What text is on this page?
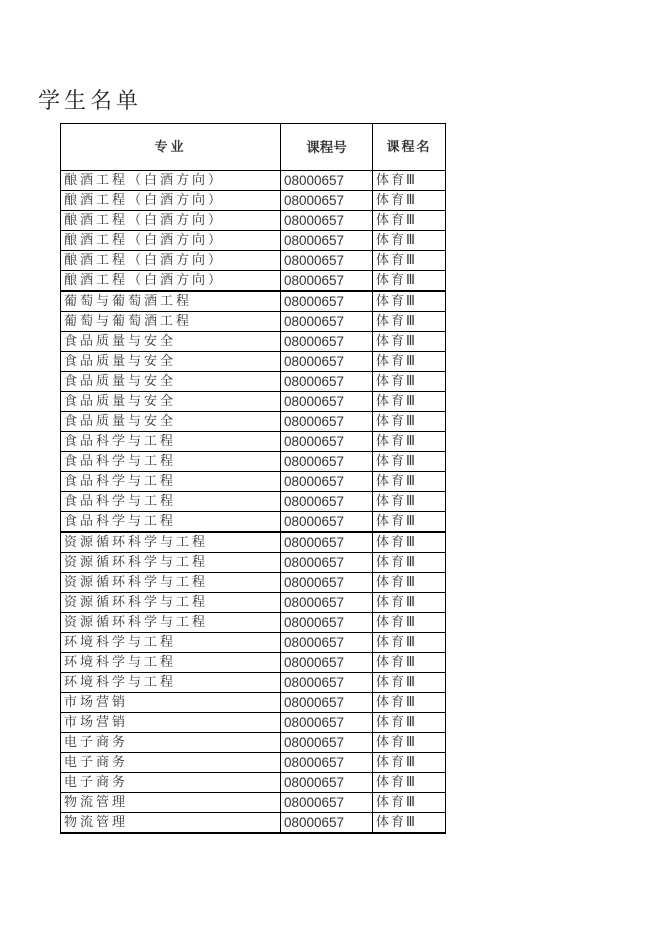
学生名单
专业	课程号	课程名
酿酒工程（白酒方向）	08000657	体育Ⅲ
酿酒工程（白酒方向）	08000657	体育Ⅲ
酿酒工程（白酒方向）	08000657	体育Ⅲ
酿酒工程（白酒方向）	08000657	体育Ⅲ
酿酒工程（白酒方向）	08000657	体育Ⅲ
酿酒工程（白酒方向）	08000657	体育Ⅲ
葡萄与葡萄酒工程	08000657	体育Ⅲ
葡萄与葡萄酒工程	08000657	体育Ⅲ
食品质量与安全	08000657	体育Ⅲ
食品质量与安全	08000657	体育Ⅲ
食品质量与安全	08000657	体育Ⅲ
食品质量与安全	08000657	体育Ⅲ
食品质量与安全	08000657	体育Ⅲ
食品科学与工程	08000657	体育Ⅲ
食品科学与工程	08000657	体育Ⅲ
食品科学与工程	08000657	体育Ⅲ
食品科学与工程	08000657	体育Ⅲ
食品科学与工程	08000657	体育Ⅲ
资源循环科学与工程	08000657	体育Ⅲ
资源循环科学与工程	08000657	体育Ⅲ
资源循环科学与工程	08000657	体育Ⅲ
资源循环科学与工程	08000657	体育Ⅲ
资源循环科学与工程	08000657	体育Ⅲ
环境科学与工程	08000657	体育Ⅲ
环境科学与工程	08000657	体育Ⅲ
环境科学与工程	08000657	体育Ⅲ
市场营销	08000657	体育Ⅲ
市场营销	08000657	体育Ⅲ
电子商务	08000657	体育Ⅲ
电子商务	08000657	体育Ⅲ
电子商务	08000657	体育Ⅲ
物流管理	08000657	体育Ⅲ
物流管理	08000657	体育Ⅲ
